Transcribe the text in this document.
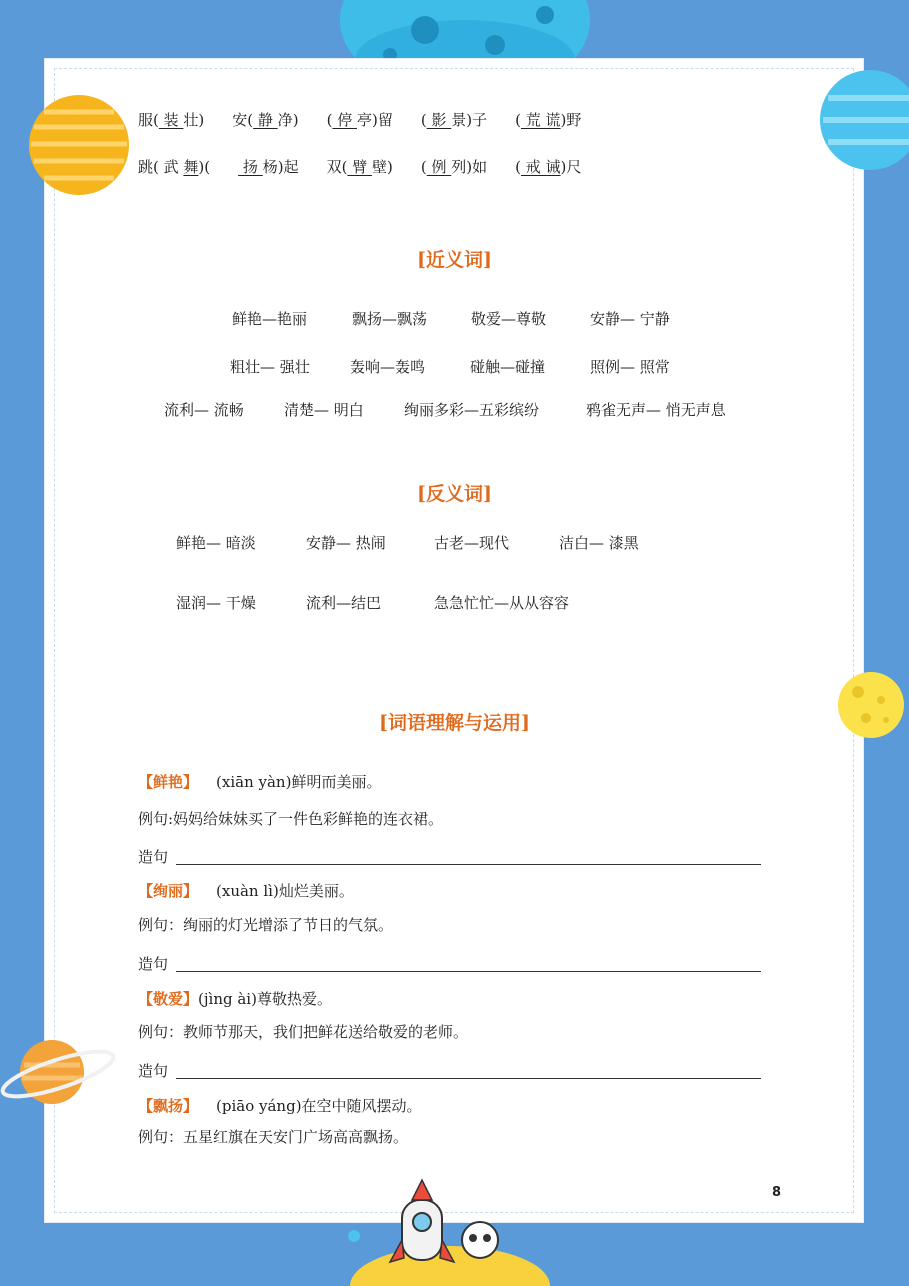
服( 装 壮) 安( 静 净) ( 停 亭)留 ( 影 景)子 ( 荒 谎)野
跳( 武 舞)( 扬 杨)起 双( 臂 壁) ( 例 列)如 ( 戒 诫)尺
[近义词]
鲜艳—艳丽	飘扬—飘荡	敬爱—尊敬	安静— 宁静
粗壮— 强壮	轰响—轰鸣	碰触—碰撞	照例— 照常
流利— 流畅	清楚— 明白	绚丽多彩—五彩缤纷	鸦雀无声— 悄无声息
[反义词]
鲜艳— 暗淡	安静— 热闹	古老—现代	洁白— 漆黑
湿润— 干燥	流利—结巴	急急忙忙—从从容容
[词语理解与运用]
【鲜艳】 (xiān yàn)鲜明而美丽。
例句:妈妈给妹妹买了一件色彩鲜艳的连衣裙。
造句
【绚丽】 (xuàn lì)灿烂美丽。
例句：绚丽的灯光增添了节日的气氛。
造句
【敬爱】(jìng ài)尊敬热爱。
例句：教师节那天，我们把鲜花送给敬爱的老师。
造句
【飘扬】 (piāo yáng)在空中随风摆动。
例句：五星红旗在天安门广场高高飘扬。
8
